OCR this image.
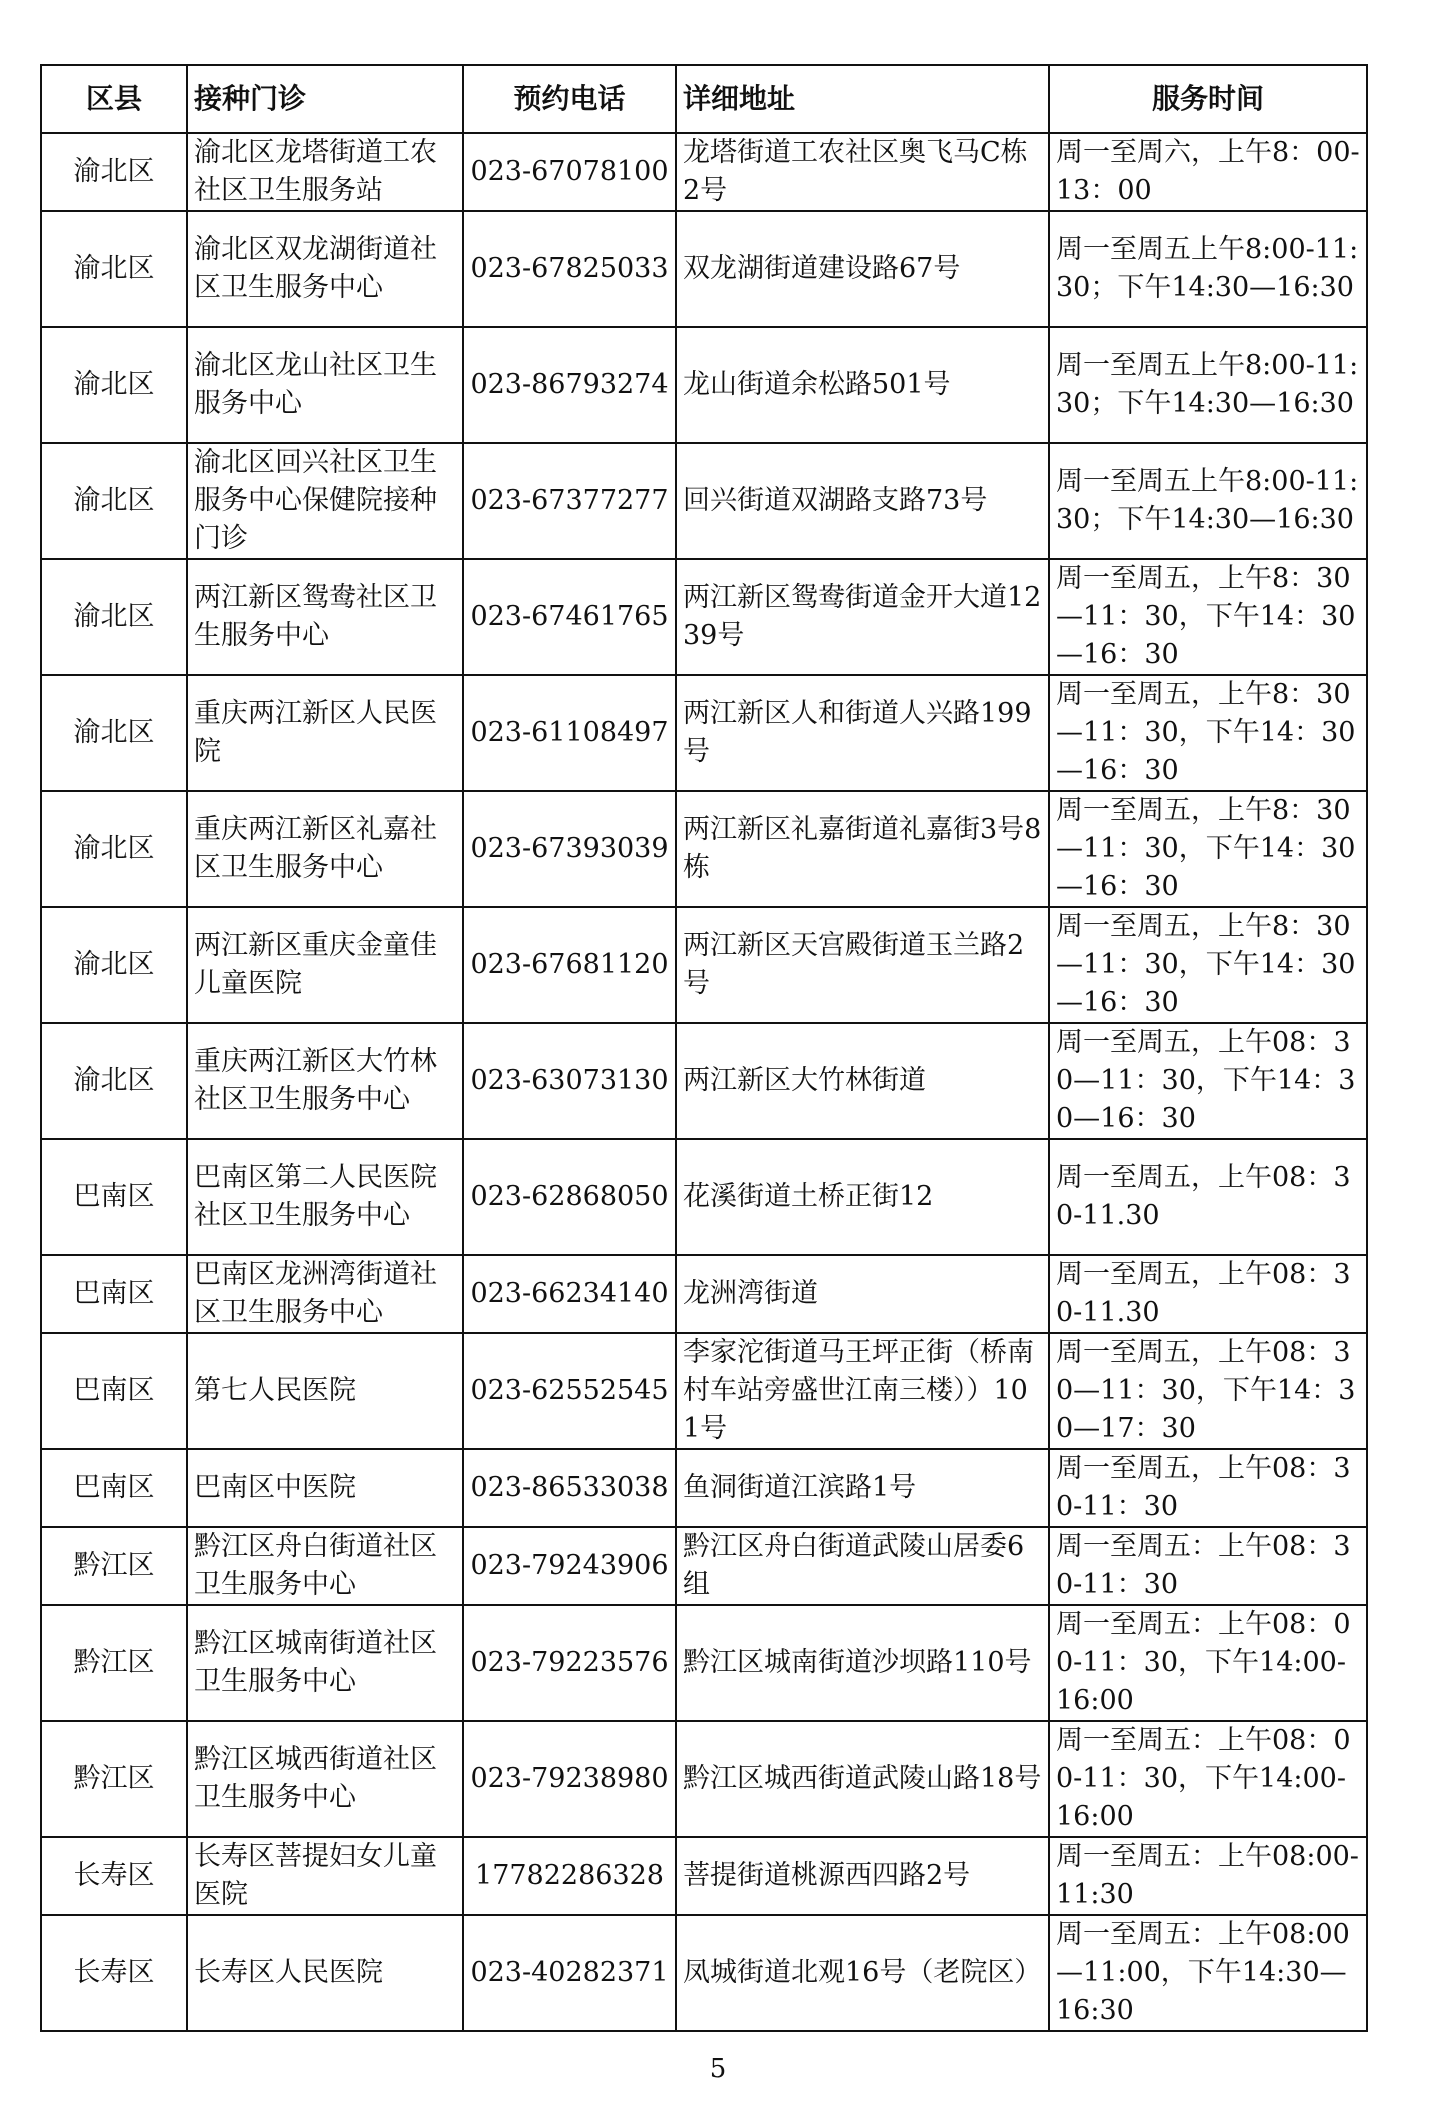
区县	接种门诊	预约电话	详细地址	服务时间
渝北区	渝北区龙塔街道工农社区卫生服务站	023-67078100	龙塔街道工农社区奥飞马C栋2号	周一至周六，上午8：00-13：00
渝北区	渝北区双龙湖街道社区卫生服务中心	023-67825033	双龙湖街道建设路67号	周一至周五上午8:00-11:30；下午14:30—16:30
渝北区	渝北区龙山社区卫生服务中心	023-86793274	龙山街道余松路501号	周一至周五上午8:00-11:30；下午14:30—16:30
渝北区	渝北区回兴社区卫生服务中心保健院接种门诊	023-67377277	回兴街道双湖路支路73号	周一至周五上午8:00-11:30；下午14:30—16:30
渝北区	两江新区鸳鸯社区卫生服务中心	023-67461765	两江新区鸳鸯街道金开大道1239号	周一至周五，上午8：30—11：30，下午14：30—16：30
渝北区	重庆两江新区人民医院	023-61108497	两江新区人和街道人兴路199号	周一至周五，上午8：30—11：30，下午14：30—16：30
渝北区	重庆两江新区礼嘉社区卫生服务中心	023-67393039	两江新区礼嘉街道礼嘉街3号8栋	周一至周五，上午8：30—11：30，下午14：30—16：30
渝北区	两江新区重庆金童佳儿童医院	023-67681120	两江新区天宫殿街道玉兰路2号	周一至周五，上午8：30—11：30，下午14：30—16：30
渝北区	重庆两江新区大竹林社区卫生服务中心	023-63073130	两江新区大竹林街道	周一至周五，上午08：30—11：30，下午14：30—16：30
巴南区	巴南区第二人民医院社区卫生服务中心	023-62868050	花溪街道土桥正街12	周一至周五，上午08：30-11.30
巴南区	巴南区龙洲湾街道社区卫生服务中心	023-66234140	龙洲湾街道	周一至周五，上午08：30-11.30
巴南区	第七人民医院	023-62552545	李家沱街道马王坪正街（桥南村车站旁盛世江南三楼））101号	周一至周五，上午08：30—11：30，下午14：30—17：30
巴南区	巴南区中医院	023-86533038	鱼洞街道江滨路1号	周一至周五，上午08：30-11：30
黔江区	黔江区舟白街道社区卫生服务中心	023-79243906	黔江区舟白街道武陵山居委6组	周一至周五：上午08：30-11：30
黔江区	黔江区城南街道社区卫生服务中心	023-79223576	黔江区城南街道沙坝路110号	周一至周五：上午08：00-11：30，下午14:00-16:00
黔江区	黔江区城西街道社区卫生服务中心	023-79238980	黔江区城西街道武陵山路18号	周一至周五：上午08：00-11：30，下午14:00-16:00
长寿区	长寿区菩提妇女儿童医院	17782286328	菩提街道桃源西四路2号	周一至周五：上午08:00-11:30
长寿区	长寿区人民医院	023-40282371	凤城街道北观16号（老院区）	周一至周五：上午08:00—11:00，下午14:30—16:30
5
